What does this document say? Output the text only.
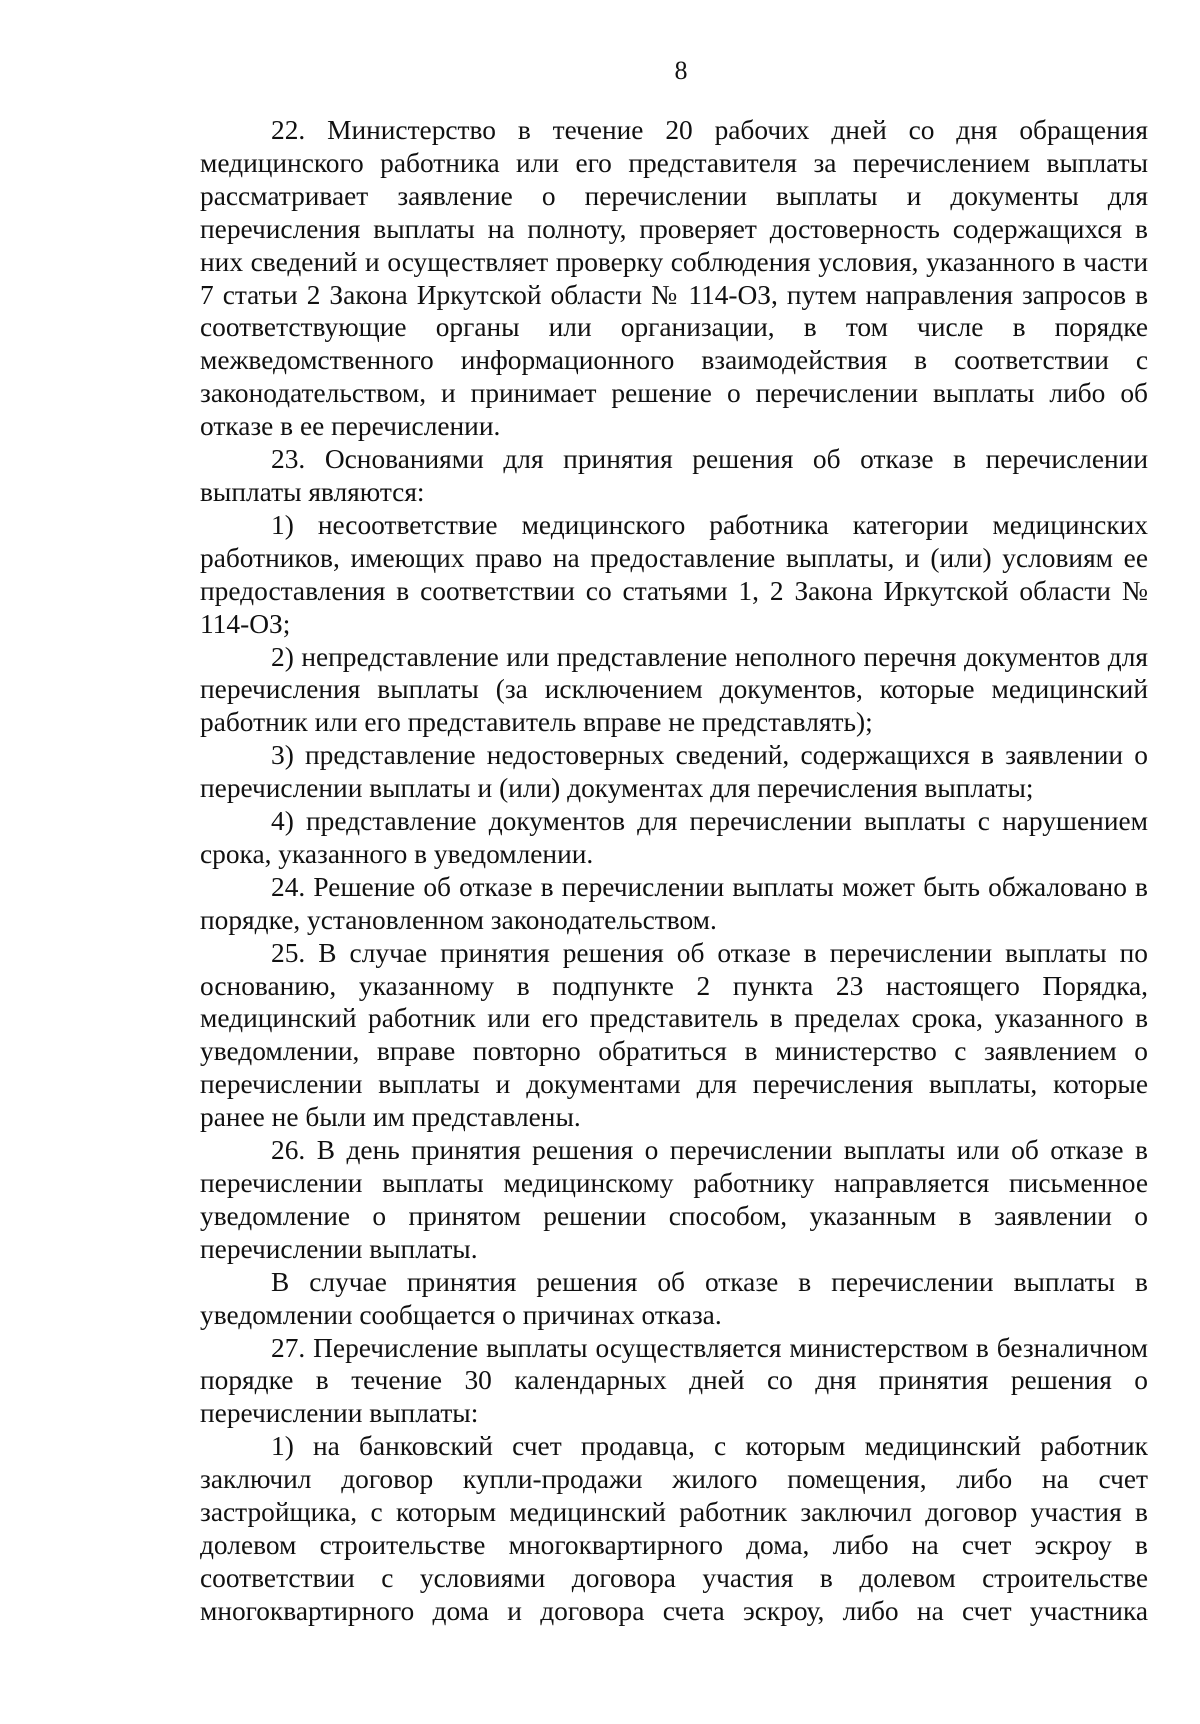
8

22. Министерство в течение 20 рабочих дней со дня обращения медицинского работника или его представителя за перечислением выплаты рассматривает заявление о перечислении выплаты и документы для перечисления выплаты на полноту, проверяет достоверность содержащихся в них сведений и осуществляет проверку соблюдения условия, указанного в части 7 статьи 2 Закона Иркутской области № 114-ОЗ, путем направления запросов в соответствующие органы или организации, в том числе в порядке межведомственного информационного взаимодействия в соответствии с законодательством, и принимает решение о перечислении выплаты либо об отказе в ее перечислении.

23. Основаниями для принятия решения об отказе в перечислении выплаты являются:

1) несоответствие медицинского работника категории медицинских работников, имеющих право на предоставление выплаты, и (или) условиям ее предоставления в соответствии со статьями 1, 2 Закона Иркутской области № 114-ОЗ;

2) непредставление или представление неполного перечня документов для перечисления выплаты (за исключением документов, которые медицинский работник или его представитель вправе не представлять);

3) представление недостоверных сведений, содержащихся в заявлении о перечислении выплаты и (или) документах для перечисления выплаты;

4) представление документов для перечислении выплаты с нарушением срока, указанного в уведомлении.

24. Решение об отказе в перечислении выплаты может быть обжаловано в порядке, установленном законодательством.

25. В случае принятия решения об отказе в перечислении выплаты по основанию, указанному в подпункте 2 пункта 23 настоящего Порядка, медицинский работник или его представитель в пределах срока, указанного в уведомлении, вправе повторно обратиться в министерство с заявлением о перечислении выплаты и документами для перечисления выплаты, которые ранее не были им представлены.

26. В день принятия решения о перечислении выплаты или об отказе в перечислении выплаты медицинскому работнику направляется письменное уведомление о принятом решении способом, указанным в заявлении о перечислении выплаты.

В случае принятия решения об отказе в перечислении выплаты в уведомлении сообщается о причинах отказа.

27. Перечисление выплаты осуществляется министерством в безналичном порядке в течение 30 календарных дней со дня принятия решения о перечислении выплаты:

1) на банковский счет продавца, с которым медицинский работник заключил договор купли-продажи жилого помещения, либо на счет застройщика, с которым медицинский работник заключил договор участия в долевом строительстве многоквартирного дома, либо на счет эскроу в соответствии с условиями договора участия в долевом строительстве многоквартирного дома и договора счета эскроу, либо на счет участника
